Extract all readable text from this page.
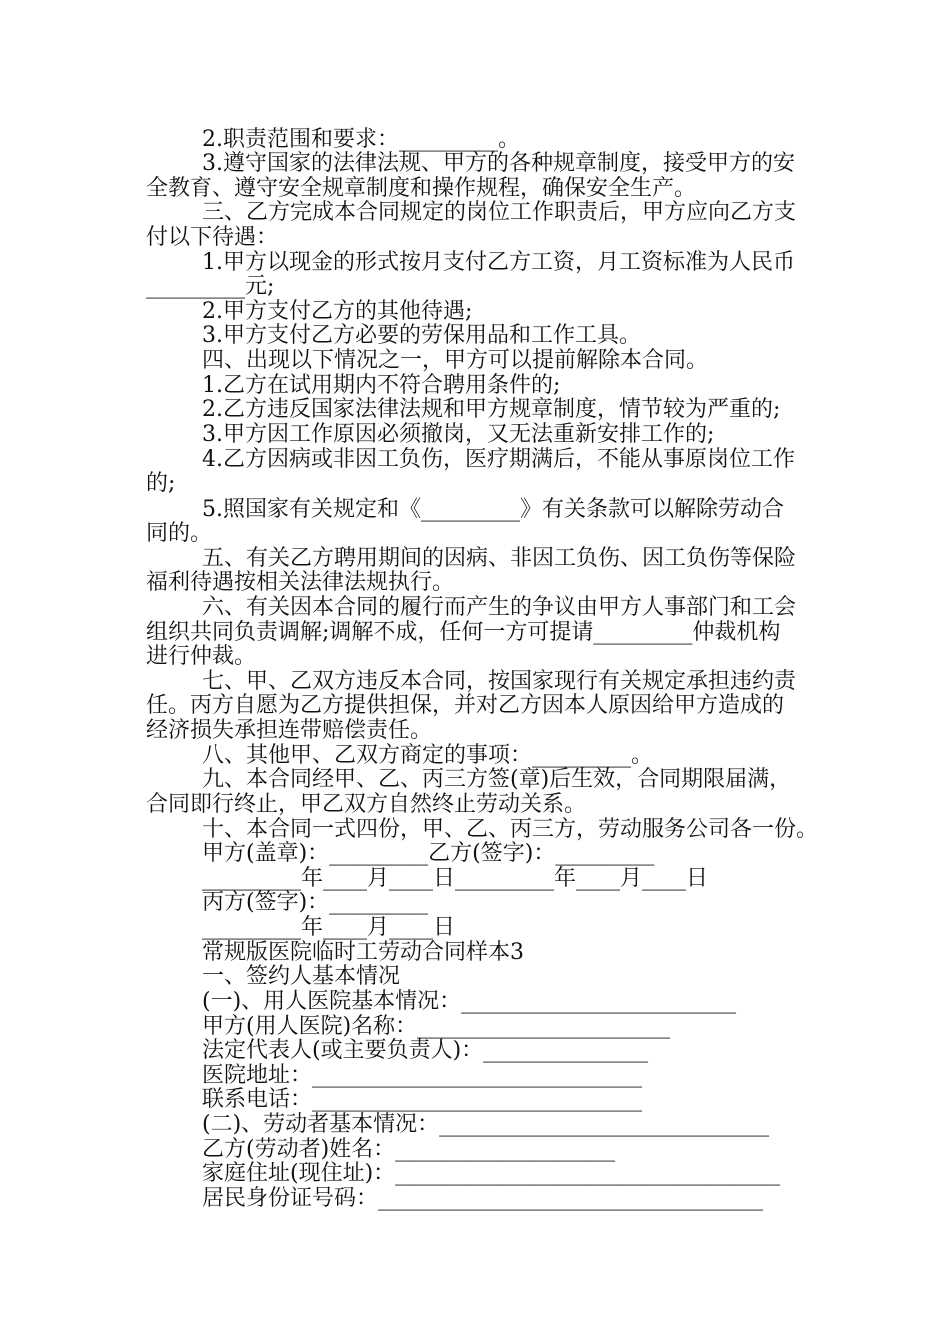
2.职责范围和要求：_________。
3.遵守国家的法律法规、甲方的各种规章制度，接受甲方的安
全教育、遵守安全规章制度和操作规程，确保安全生产。
三、乙方完成本合同规定的岗位工作职责后，甲方应向乙方支
付以下待遇：
1.甲方以现金的形式按月支付乙方工资，月工资标准为人民币
_________元;
2.甲方支付乙方的其他待遇;
3.甲方支付乙方必要的劳保用品和工作工具。
四、出现以下情况之一，甲方可以提前解除本合同。
1.乙方在试用期内不符合聘用条件的;
2.乙方违反国家法律法规和甲方规章制度，情节较为严重的;
3.甲方因工作原因必须撤岗，又无法重新安排工作的;
4.乙方因病或非因工负伤，医疗期满后，不能从事原岗位工作
的;
5.照国家有关规定和《_________》有关条款可以解除劳动合
同的。
五、有关乙方聘用期间的因病、非因工负伤、因工负伤等保险
福利待遇按相关法律法规执行。
六、有关因本合同的履行而产生的争议由甲方人事部门和工会
组织共同负责调解;调解不成，任何一方可提请_________仲裁机构
进行仲裁。
七、甲、乙双方违反本合同，按国家现行有关规定承担违约责
任。丙方自愿为乙方提供担保，并对乙方因本人原因给甲方造成的
经济损失承担连带赔偿责任。
八、其他甲、乙双方商定的事项：_________。
九、本合同经甲、乙、丙三方签(章)后生效，合同期限届满，
合同即行终止，甲乙双方自然终止劳动关系。
十、本合同一式四份，甲、乙、丙三方，劳动服务公司各一份。
甲方(盖章)：_________乙方(签字)：_________
_________年____月____日_________年____月____日
丙方(签字)：_________
_________年____月____日
常规版医院临时工劳动合同样本3
一、签约人基本情况
(一)、用人医院基本情况：_________________________
甲方(用人医院)名称：_______________________
法定代表人(或主要负责人)：_______________
医院地址：______________________________
联系电话：______________________________
(二)、劳动者基本情况：______________________________
乙方(劳动者)姓名：____________________
家庭住址(现住址)：___________________________________
居民身份证号码：___________________________________
